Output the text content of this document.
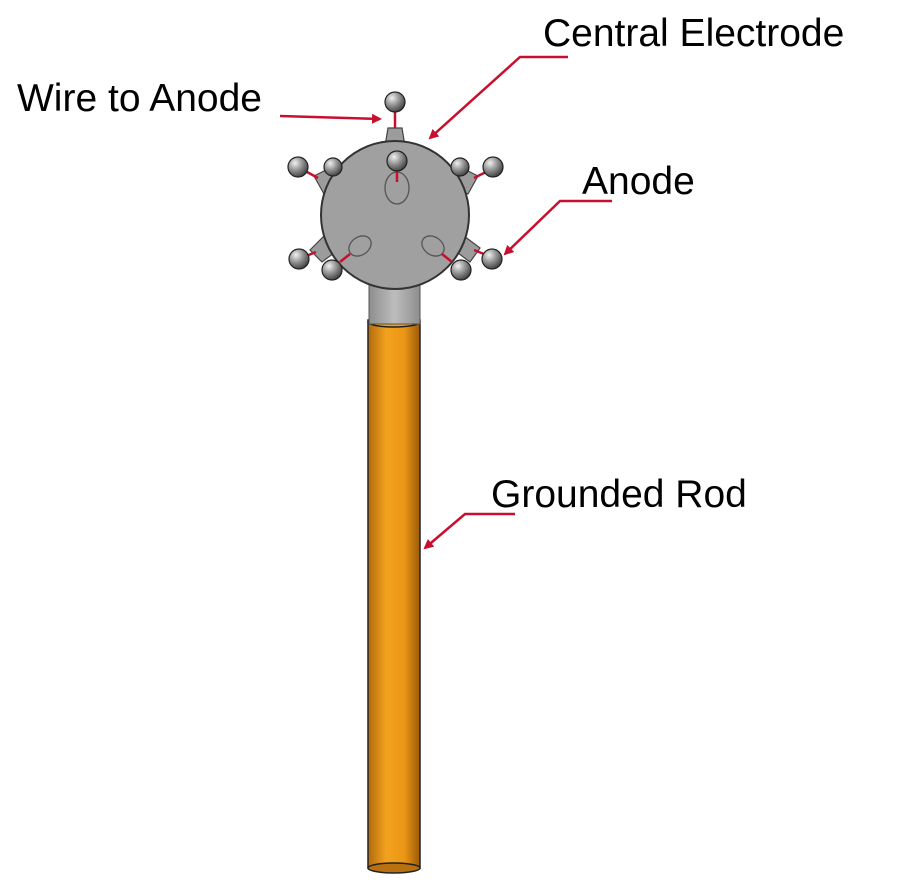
Central Electrode
Wire to Anode
Anode
Grounded Rod
